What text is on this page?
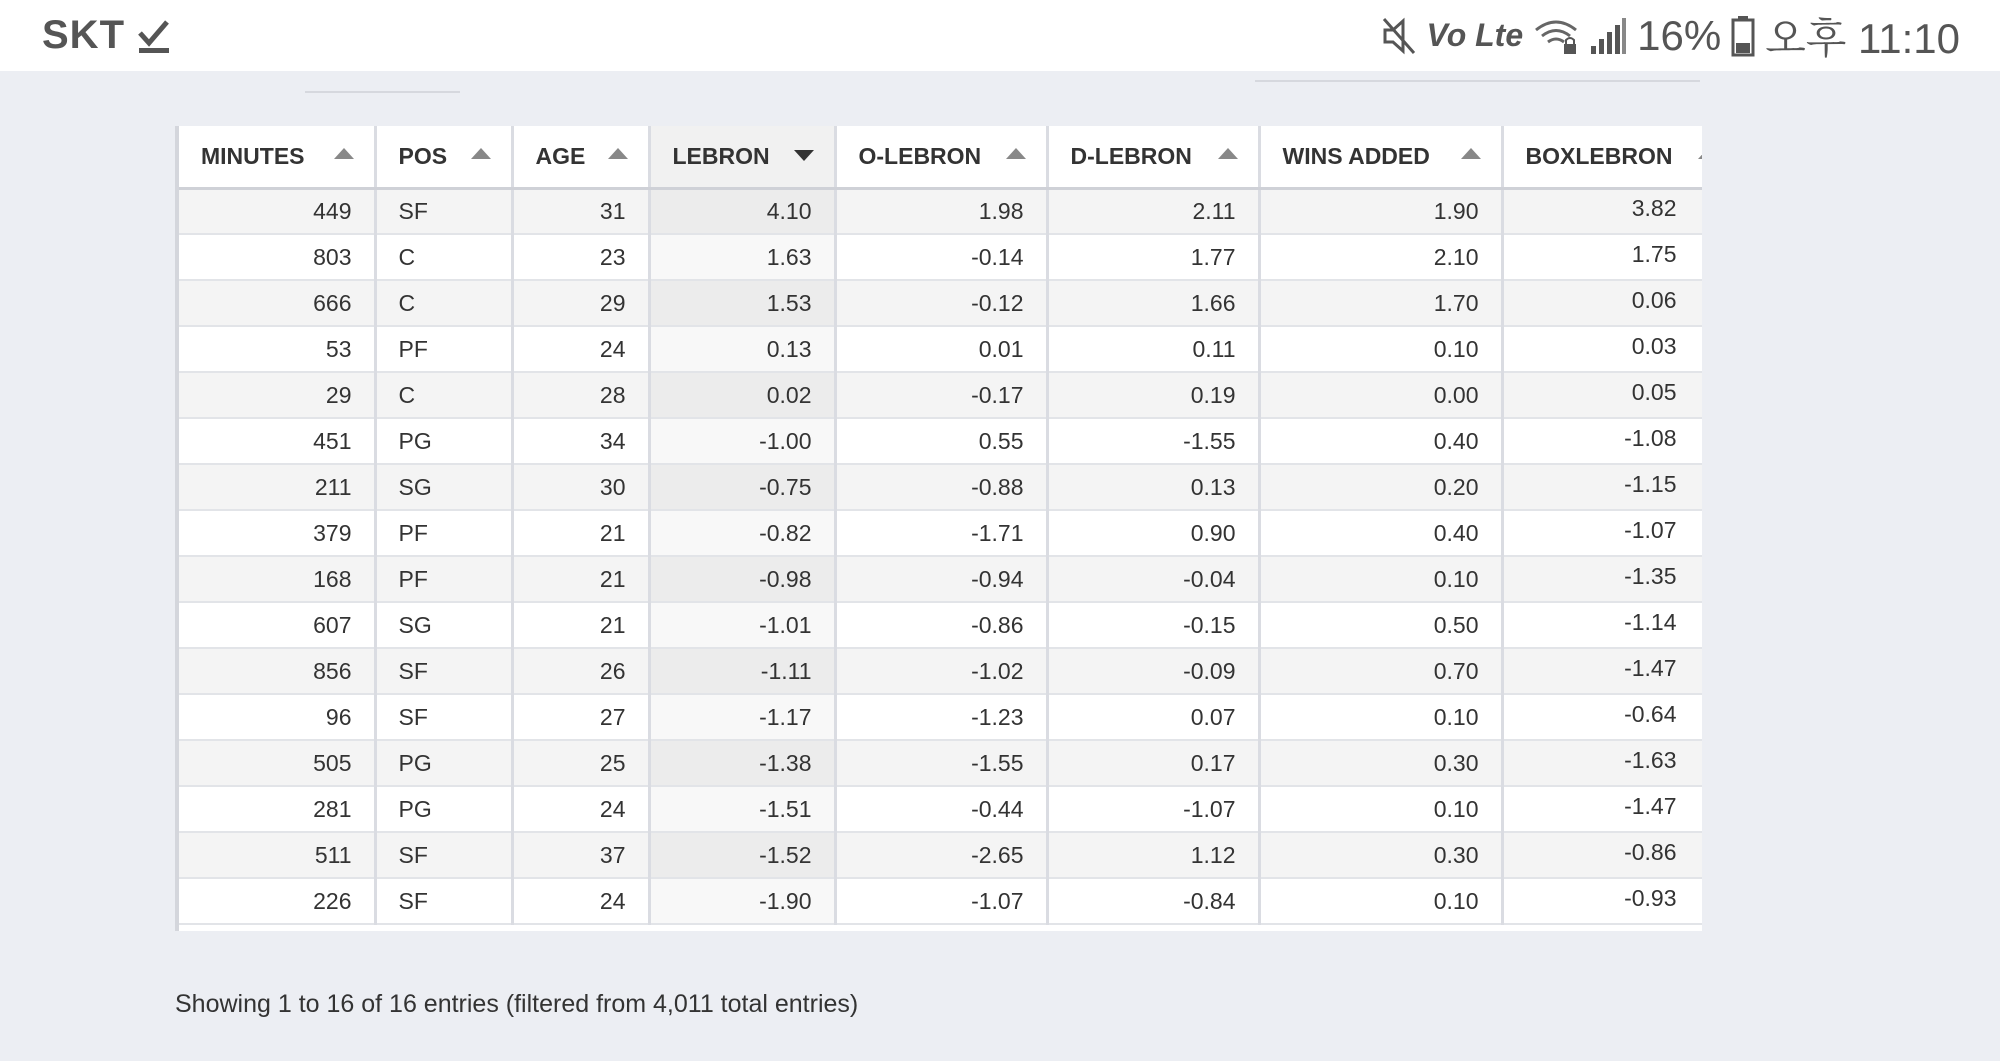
SKT	Vo Lte	16% 오후 11:10
MINUTES	POS	AGE	LEBRON	O-LEBRON	D-LEBRON	WINS ADDED	BOXLEBRON

449	SF	31	4.10	1.98	2.11	1.90	3.82
803	C	23	1.63	-0.14	1.77	2.10	1.75
666	C	29	1.53	-0.12	1.66	1.70	0.06
53	PF	24	0.13	0.01	0.11	0.10	0.03
29	C	28	0.02	-0.17	0.19	0.00	0.05
451	PG	34	-1.00	0.55	-1.55	0.40	-1.08
211	SG	30	-0.75	-0.88	0.13	0.20	-1.15
379	PF	21	-0.82	-1.71	0.90	0.40	-1.07
168	PF	21	-0.98	-0.94	-0.04	0.10	-1.35
607	SG	21	-1.01	-0.86	-0.15	0.50	-1.14
856	SF	26	-1.11	-1.02	-0.09	0.70	-1.47
96	SF	27	-1.17	-1.23	0.07	0.10	-0.64
505	PG	25	-1.38	-1.55	0.17	0.30	-1.63
281	PG	24	-1.51	-0.44	-1.07	0.10	-1.47
511	SF	37	-1.52	-2.65	1.12	0.30	-0.86
226	SF	24	-1.90	-1.07	-0.84	0.10	-0.93
Showing 1 to 16 of 16 entries (filtered from 4,011 total entries)
